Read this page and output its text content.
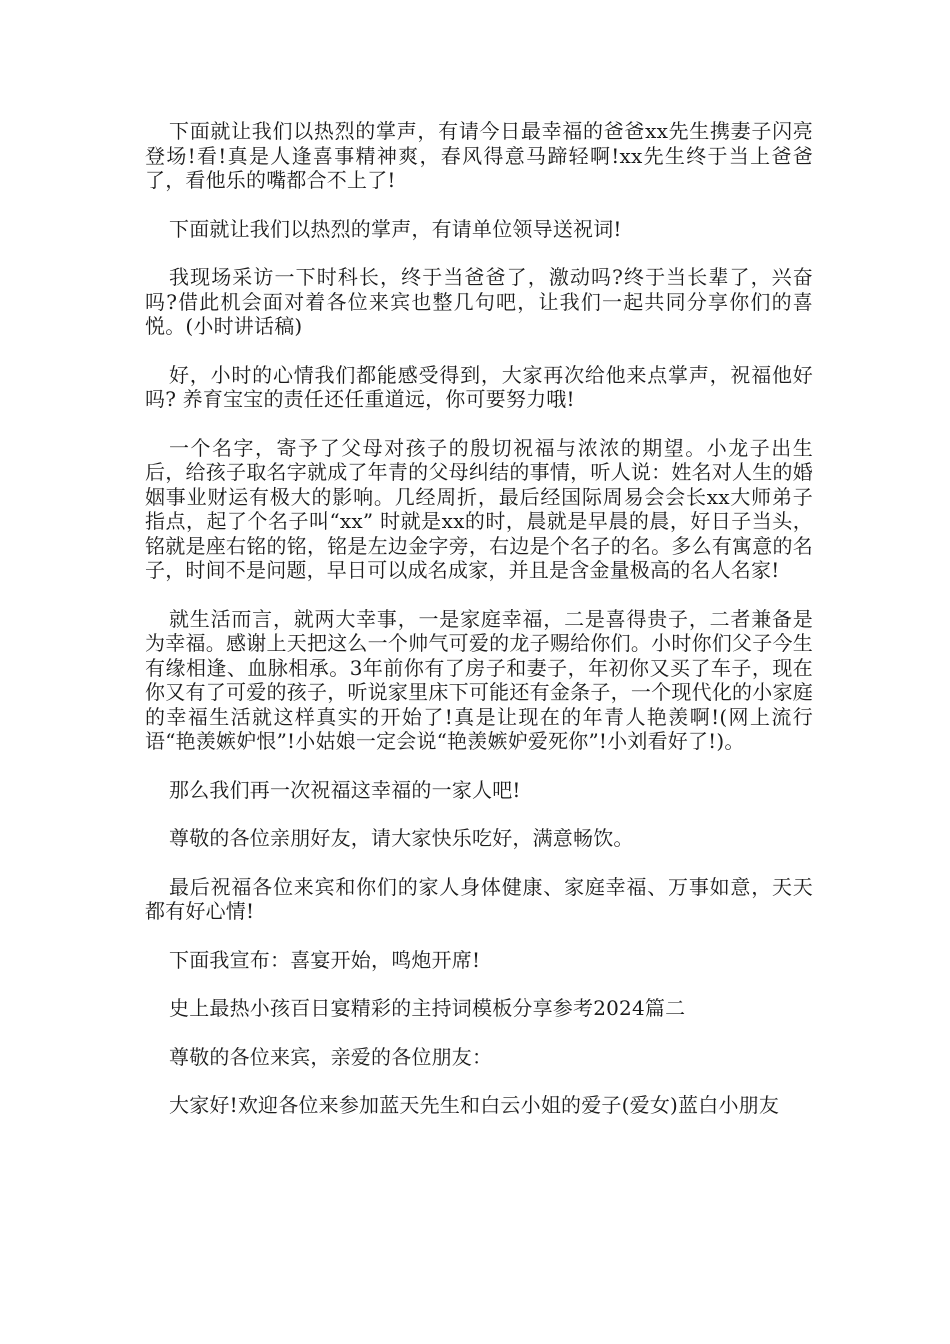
下面就让我们以热烈的掌声，有请今日最幸福的爸爸xx先生携妻子闪亮登场!看!真是人逢喜事精神爽，春风得意马蹄轻啊!xx先生终于当上爸爸了，看他乐的嘴都合不上了!

下面就让我们以热烈的掌声，有请单位领导送祝词!

我现场采访一下时科长，终于当爸爸了，激动吗?终于当长辈了，兴奋吗?借此机会面对着各位来宾也整几句吧，让我们一起共同分享你们的喜悦。(小时讲话稿)

好，小时的心情我们都能感受得到，大家再次给他来点掌声，祝福他好吗? 养育宝宝的责任还任重道远，你可要努力哦!

一个名字，寄予了父母对孩子的殷切祝福与浓浓的期望。小龙子出生后，给孩子取名字就成了年青的父母纠结的事情，听人说：姓名对人生的婚姻事业财运有极大的影响。几经周折，最后经国际周易会会长xx大师弟子指点，起了个名子叫“xx” 时就是xx的时，晨就是早晨的晨，好日子当头，铭就是座右铭的铭，铭是左边金字旁，右边是个名子的名。多么有寓意的名子，时间不是问题，早日可以成名成家，并且是含金量极高的名人名家!

就生活而言，就两大幸事，一是家庭幸福，二是喜得贵子，二者兼备是为幸福。感谢上天把这么一个帅气可爱的龙子赐给你们。小时你们父子今生有缘相逢、血脉相承。3年前你有了房子和妻子，年初你又买了车子，现在你又有了可爱的孩子，听说家里床下可能还有金条子，一个现代化的小家庭的幸福生活就这样真实的开始了!真是让现在的年青人艳羡啊!(网上流行语“艳羡嫉妒恨”!小姑娘一定会说“艳羡嫉妒爱死你”!小刘看好了!)。

那么我们再一次祝福这幸福的一家人吧!

尊敬的各位亲朋好友，请大家快乐吃好，满意畅饮。

最后祝福各位来宾和你们的家人身体健康、家庭幸福、万事如意，天天都有好心情!

下面我宣布：喜宴开始，鸣炮开席!

史上最热小孩百日宴精彩的主持词模板分享参考2024篇二

尊敬的各位来宾，亲爱的各位朋友：

大家好!欢迎各位来参加蓝天先生和白云小姐的爱子(爱女)蓝白小朋友
